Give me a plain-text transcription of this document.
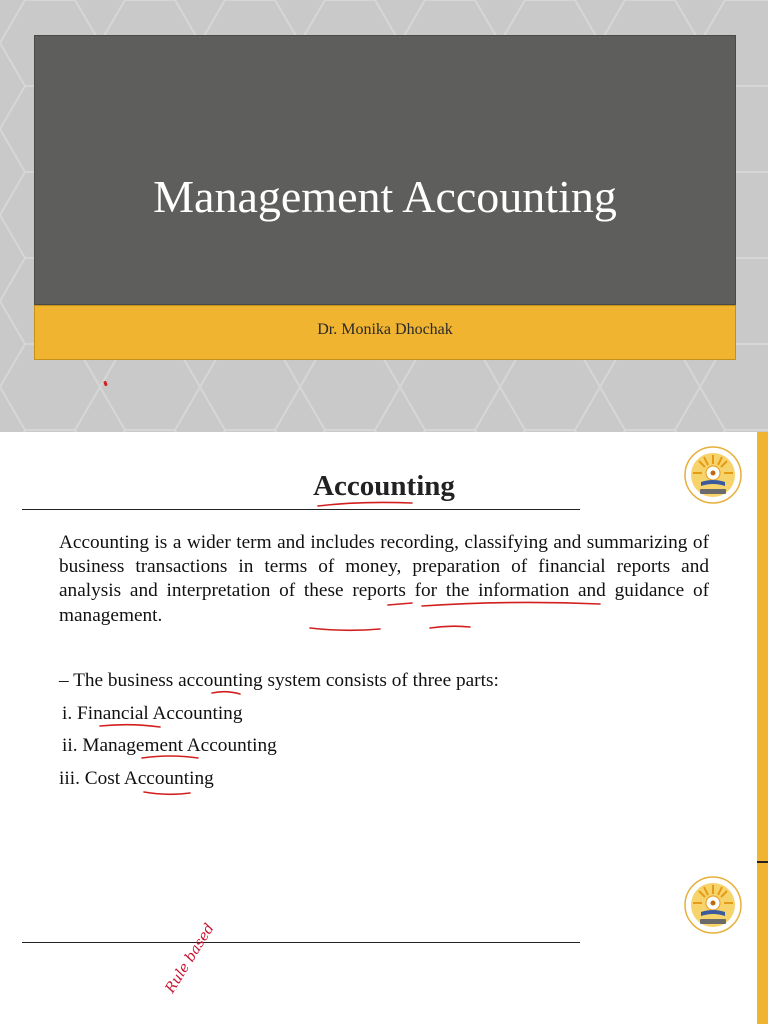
Management Accounting
Dr. Monika Dhochak
Accounting

Accounting is a wider term and includes recording, classifying and summarizing of business transactions in terms of money, preparation of financial reports and analysis and interpretation of these reports for the information and guidance of management.

– The business accounting system consists of three parts:

i. Financial Accounting

ii. Management Accounting

iii. Cost Accounting

Rule based
